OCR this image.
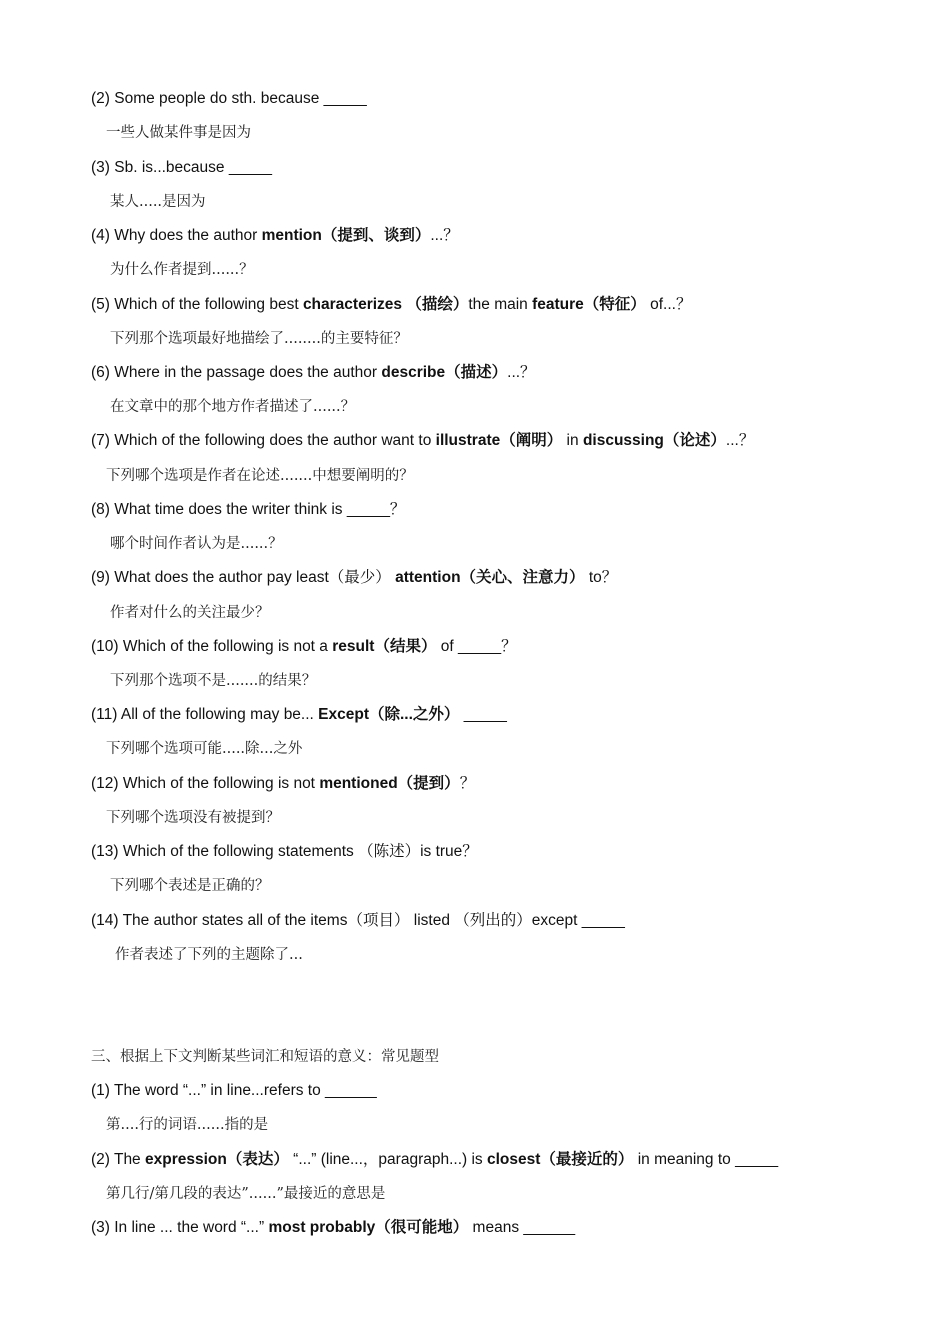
(2) Some people do sth. because _____
一些人做某件事是因为
(3) Sb. is...because _____
某人.....是因为
(4) Why does the author mention（提到、谈到）...？
为什么作者提到......？
(5) Which of the following best characterizes （描绘）the main feature（特征） of...？
下列那个选项最好地描绘了........的主要特征？
(6) Where in the passage does the author describe（描述）...？
在文章中的那个地方作者描述了......？
(7) Which of the following does the author want to illustrate（阐明） in discussing（论述）...？
下列哪个选项是作者在论述.......中想要阐明的？
(8) What time does the writer think is _____？
哪个时间作者认为是......？
(9) What does the author pay least（最少） attention（关心、注意力） to？
作者对什么的关注最少？
(10) Which of the following is not a result（结果） of _____？
下列那个选项不是.......的结果？
(11) All of the following may be... Except（除...之外） _____
下列哪个选项可能.....除...之外
(12) Which of the following is not mentioned（提到）？
下列哪个选项没有被提到？
(13) Which of the following statements （陈述）is true？
下列哪个表述是正确的？
(14) The author states all of the items（项目） listed （列出的）except _____
作者表述了下列的主题除了...
三、根据上下文判断某些词汇和短语的意义：常见题型
(1) The word “...” in line...refers to ______
第....行的词语......指的是
(2) The expression（表达） “...” (line...，paragraph...) is closest（最接近的） in meaning to _____
第几行/第几段的表达”......”最接近的意思是
(3) In line ... the word “...” most probably（很可能地） means ______
